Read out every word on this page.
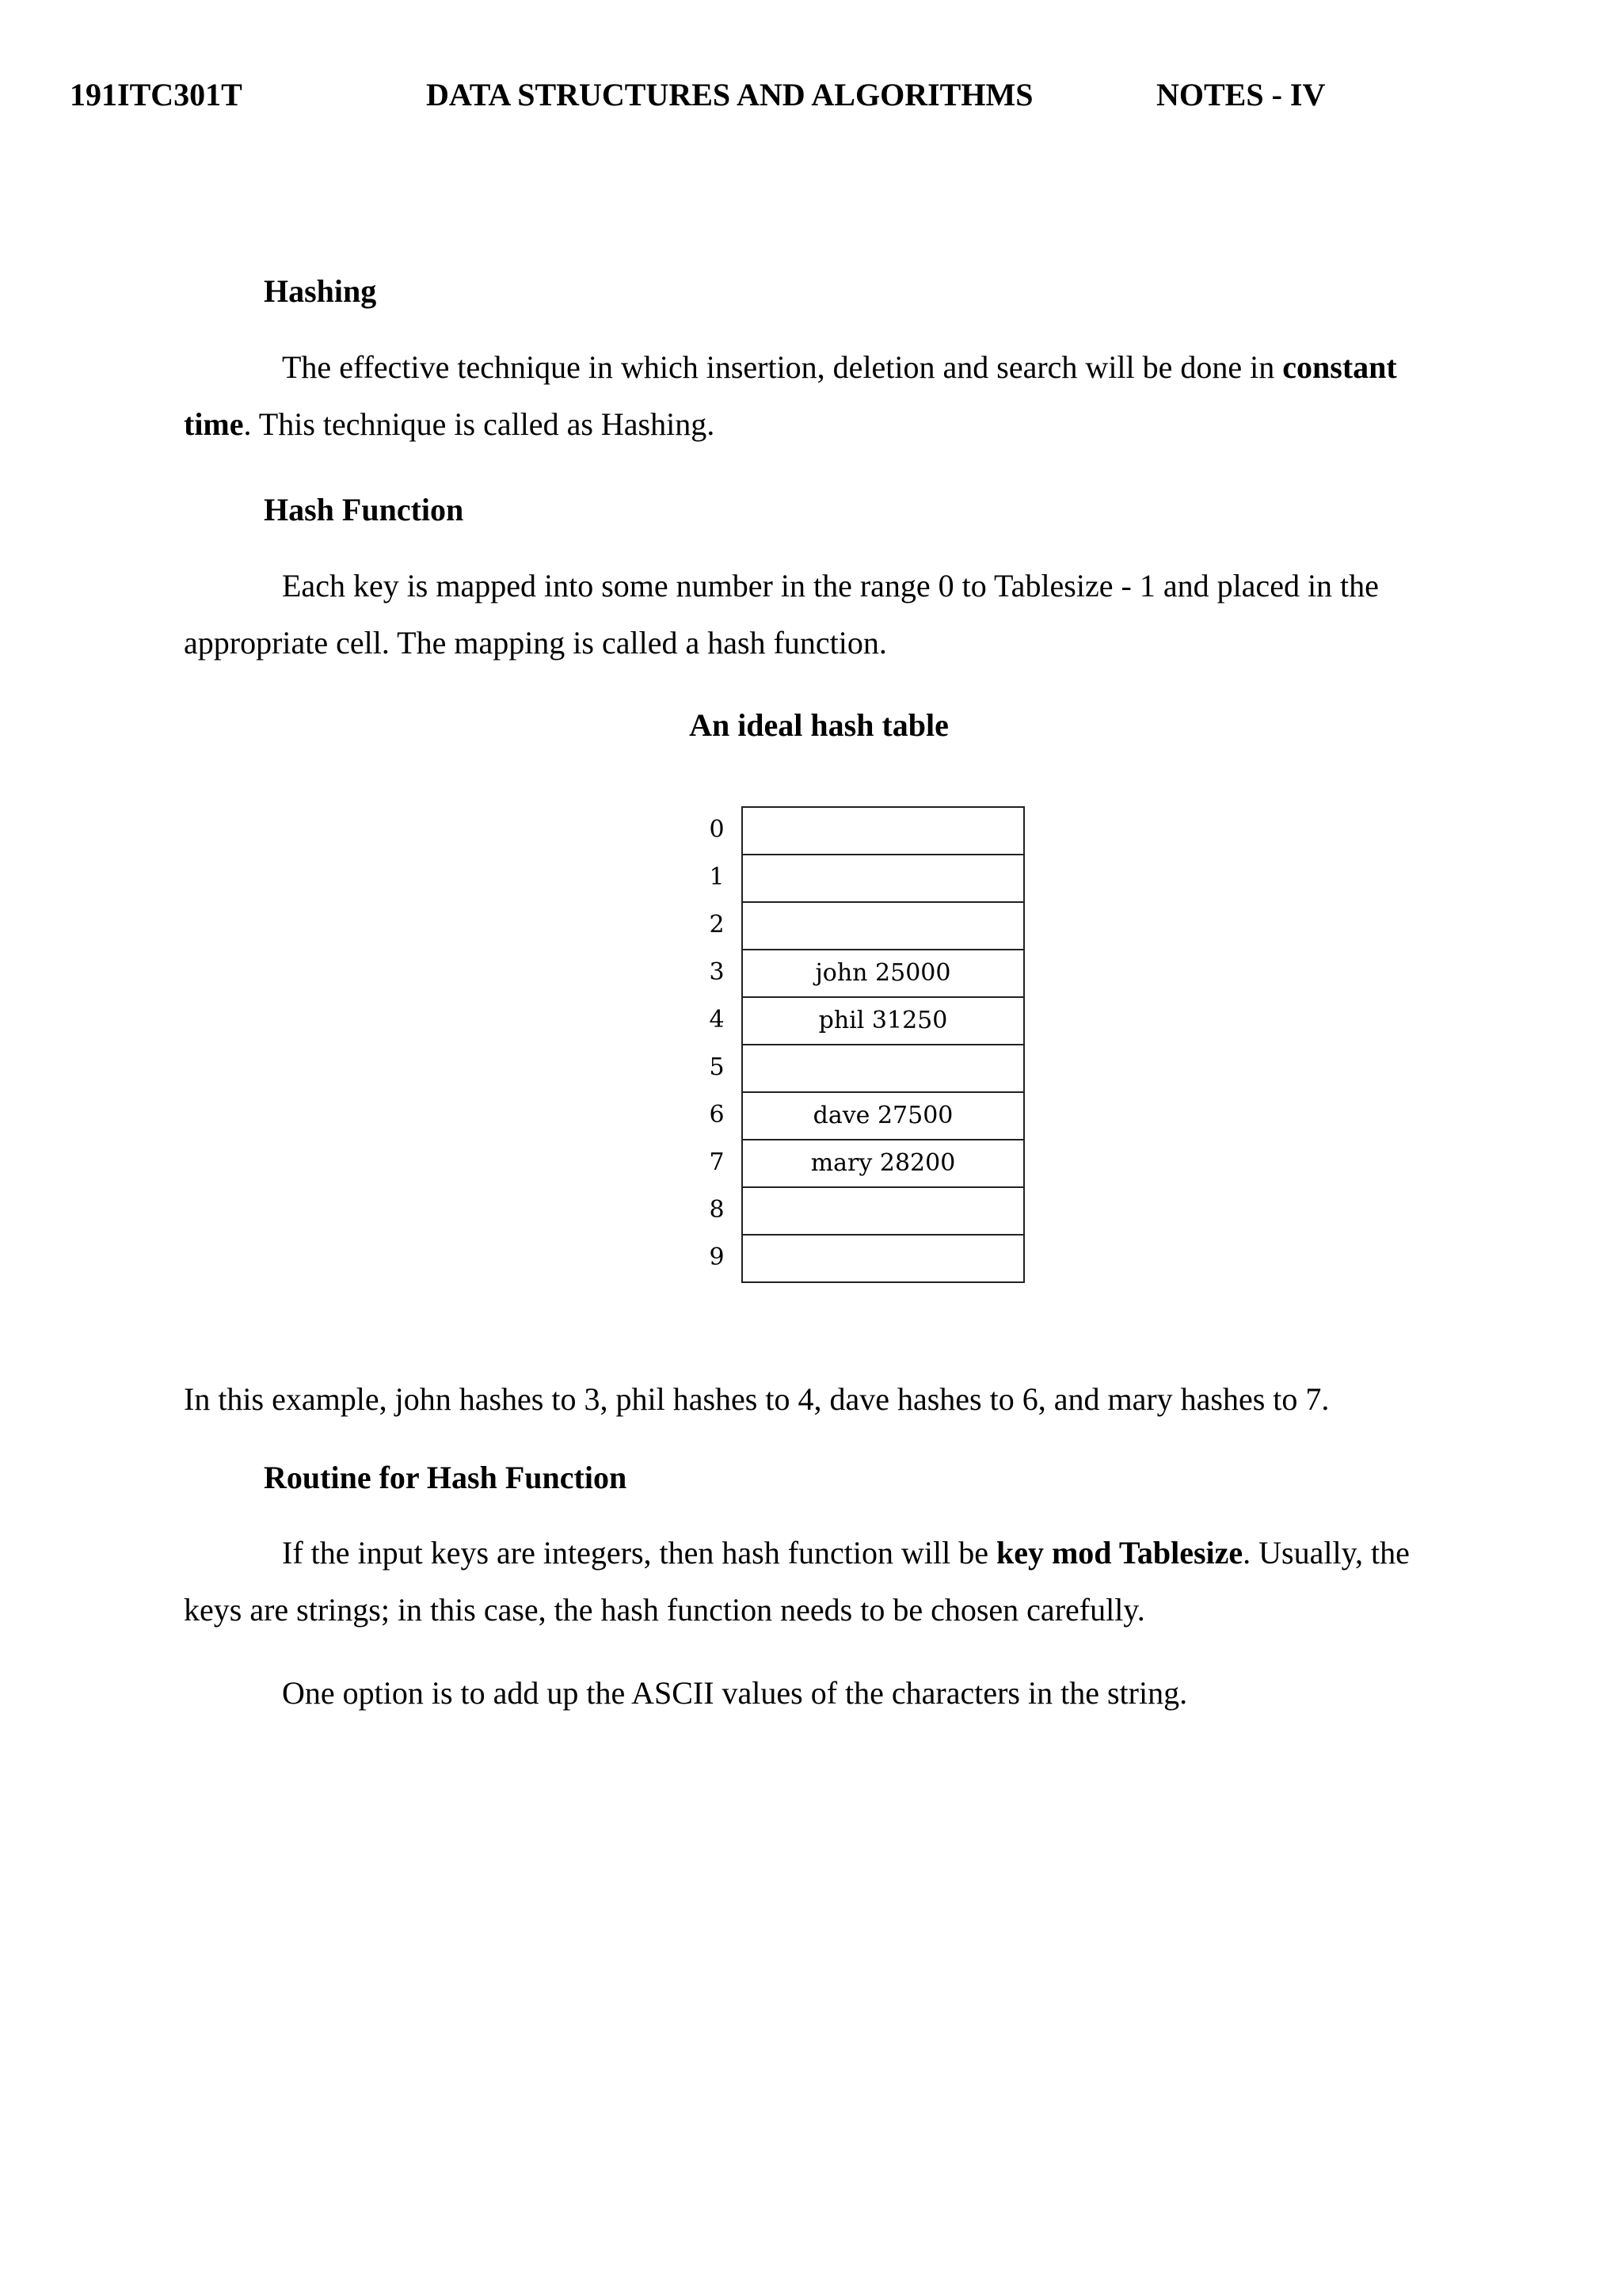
191ITC301T	DATA STRUCTURES AND ALGORITHMS	NOTES - IV
Hashing
The effective technique in which insertion, deletion and search will be done in constant time. This technique is called as Hashing.
Hash Function
Each key is mapped into some number in the range 0 to Tablesize - 1 and placed in the appropriate cell. The mapping is called a hash function.
An ideal hash table
0
1
2
3	john 25000
4	phil 31250
5
6	dave 27500
7	mary 28200
8
9
In this example, john hashes to 3, phil hashes to 4, dave hashes to 6, and mary hashes to 7.
Routine for Hash Function
If the input keys are integers, then hash function will be key mod Tablesize. Usually, the keys are strings; in this case, the hash function needs to be chosen carefully.
One option is to add up the ASCII values of the characters in the string.
